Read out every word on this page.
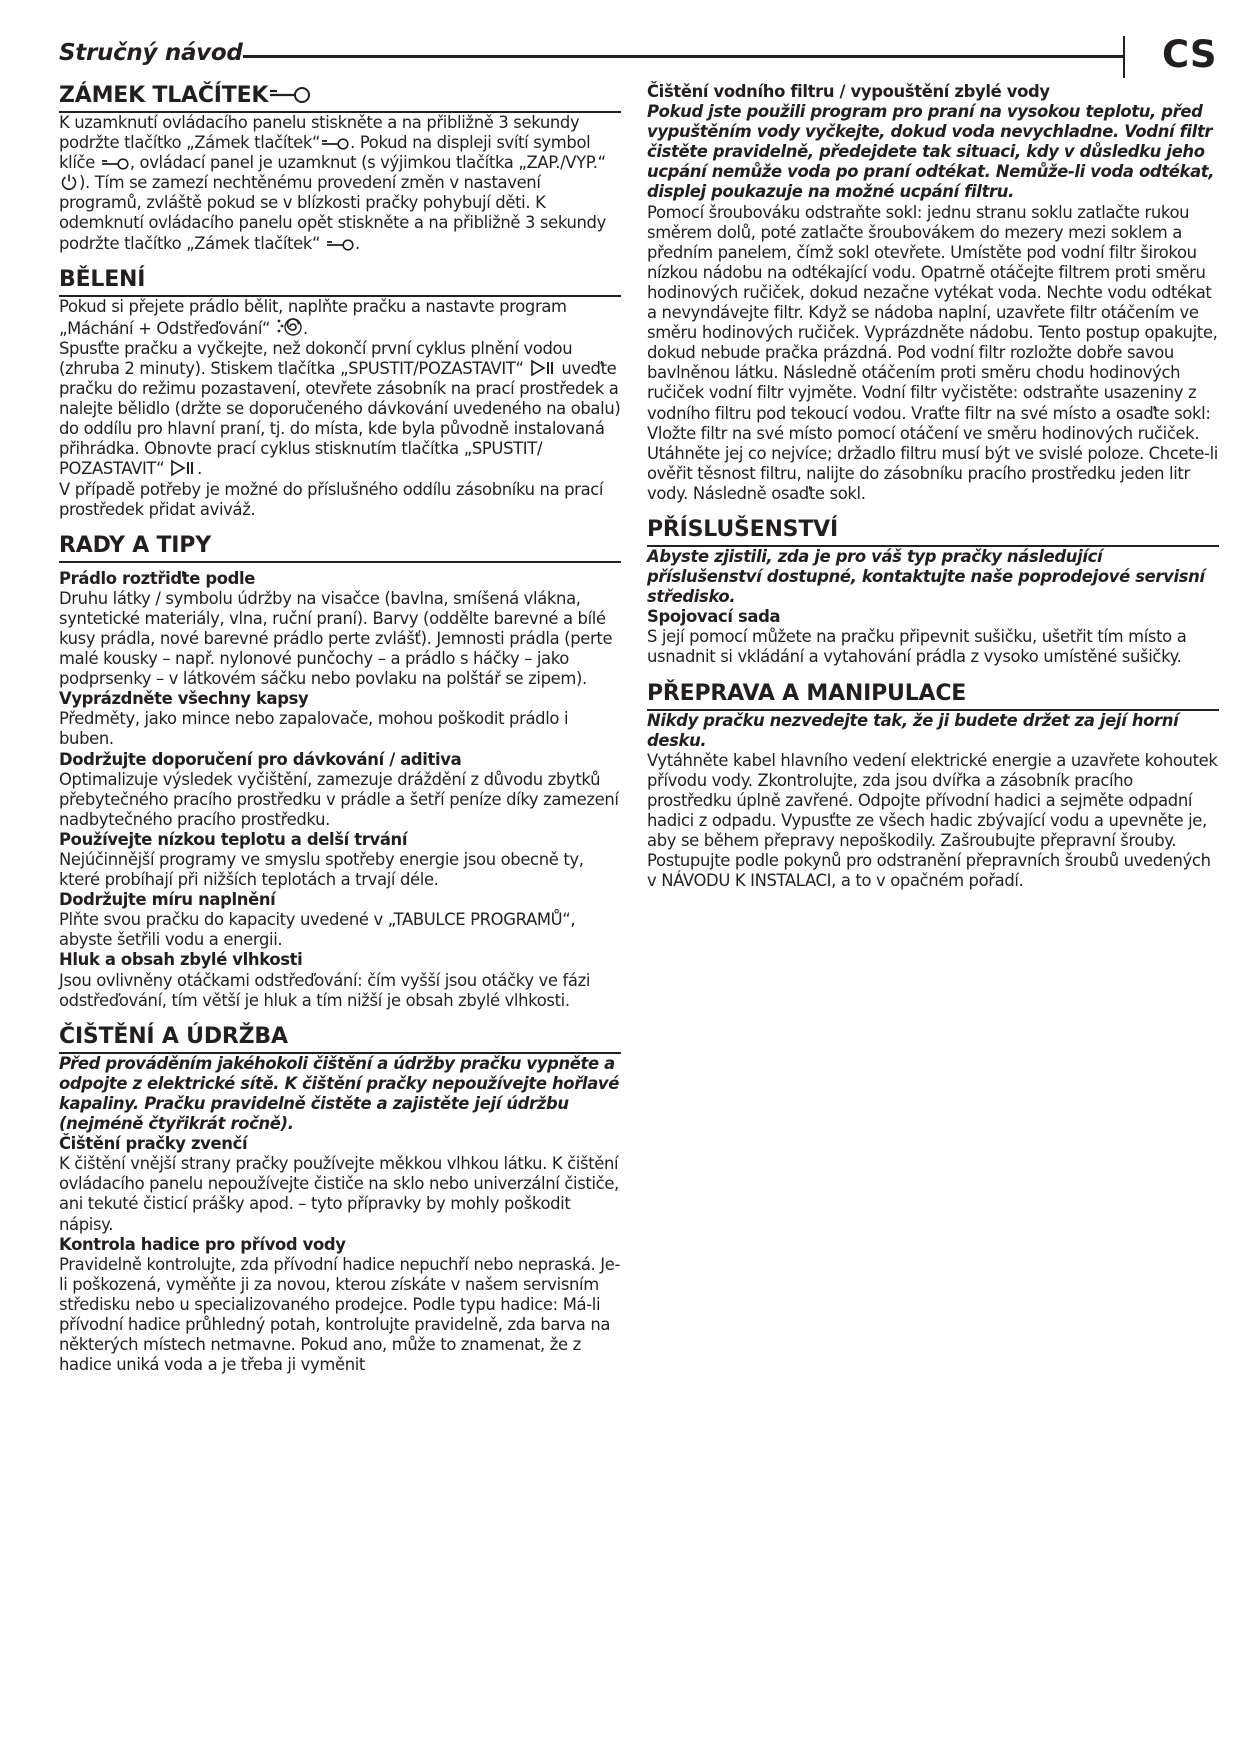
Stručný návod	CS
ZÁMEK TLAČÍTEK

K uzamknutí ovládacího panelu stiskněte a na přibližně 3 sekundy podržte tlačítko „Zámek tlačítek“ . Pokud na displeji svítí symbol klíče , ovládací panel je uzamknut (s výjimkou tlačítka „ZAP./VYP.“ ). Tím se zamezí nechtěnému provedení změn v nastavení programů, zvláště pokud se v blízkosti pračky pohybují děti. K odemknutí ovládacího panelu opět stiskněte a na přibližně 3 sekundy podržte tlačítko „Zámek tlačítek“ .

BĚLENÍ

Pokud si přejete prádlo bělit, naplňte pračku a nastavte program „Máchání + Odstřeďování“ .

Spusťte pračku a vyčkejte, než dokončí první cyklus plnění vodou (zhruba 2 minuty). Stiskem tlačítka „SPUSTIT/POZASTAVIT“  uveďte pračku do režimu pozastavení, otevřete zásobník na prací prostředek a nalejte bělidlo (držte se doporučeného dávkování uvedeného na obalu) do oddílu pro hlavní praní, tj. do místa, kde byla původně instalovaná přihrádka. Obnovte prací cyklus stisknutím tlačítka „SPUSTIT/ POZASTAVIT“ .

V případě potřeby je možné do příslušného oddílu zásobníku na prací prostředek přidat aviváž.

RADY A TIPY

Prádlo roztřiďte podle

Druhu látky / symbolu údržby na visačce (bavlna, smíšená vlákna, syntetické materiály, vlna, ruční praní). Barvy (oddělte barevné a bílé kusy prádla, nové barevné prádlo perte zvlášť). Jemnosti prádla (perte malé kousky – např. nylonové punčochy – a prádlo s háčky – jako podprsenky – v látkovém sáčku nebo povlaku na polštář se zipem).

Vyprázdněte všechny kapsy

Předměty, jako mince nebo zapalovače, mohou poškodit prádlo i buben.

Dodržujte doporučení pro dávkování / aditiva

Optimalizuje výsledek vyčištění, zamezuje dráždění z důvodu zbytků přebytečného pracího prostředku v prádle a šetří peníze díky zamezení nadbytečného pracího prostředku.

Používejte nízkou teplotu a delší trvání

Nejúčinnější programy ve smyslu spotřeby energie jsou obecně ty, které probíhají při nižších teplotách a trvají déle.

Dodržujte míru naplnění

Plňte svou pračku do kapacity uvedené v „TABULCE PROGRAMŮ“, abyste šetřili vodu a energii.

Hluk a obsah zbylé vlhkosti

Jsou ovlivněny otáčkami odstřeďování: čím vyšší jsou otáčky ve fázi odstřeďování, tím větší je hluk a tím nižší je obsah zbylé vlhkosti.

ČIŠTĚNÍ A ÚDRŽBA

Před prováděním jakéhokoli čištění a údržby pračku vypněte a odpojte z elektrické sítě. K čištění pračky nepoužívejte hořlavé kapaliny. Pračku pravidelně čistěte a zajistěte její údržbu (nejméně čtyřikrát ročně).

Čištění pračky zvenčí

K čištění vnější strany pračky používejte měkkou vlhkou látku. K čištění ovládacího panelu nepoužívejte čističe na sklo nebo univerzální čističe, ani tekuté čisticí prášky apod. – tyto přípravky by mohly poškodit nápisy.

Kontrola hadice pro přívod vody

Pravidelně kontrolujte, zda přívodní hadice nepuchří nebo nepraská. Je-li poškozená, vyměňte ji za novou, kterou získáte v našem servisním středisku nebo u specializovaného prodejce. Podle typu hadice: Má-li přívodní hadice průhledný potah, kontrolujte pravidelně, zda barva na některých místech netmavne. Pokud ano, může to znamenat, že z hadice uniká voda a je třeba ji vyměnit

Čištění vodního filtru / vypouštění zbylé vody

Pokud jste použili program pro praní na vysokou teplotu, před vypuštěním vody vyčkejte, dokud voda nevychladne. Vodní filtr čistěte pravidelně, předejdete tak situaci, kdy v důsledku jeho ucpání nemůže voda po praní odtékat. Nemůže-li voda odtékat, displej poukazuje na možné ucpání filtru.

Pomocí šroubováku odstraňte sokl: jednu stranu soklu zatlačte rukou směrem dolů, poté zatlačte šroubovákem do mezery mezi soklem a předním panelem, čímž sokl otevřete. Umístěte pod vodní filtr širokou nízkou nádobu na odtékající vodu. Opatrně otáčejte filtrem proti směru hodinových ručiček, dokud nezačne vytékat voda. Nechte vodu odtékat a nevyndávejte filtr. Když se nádoba naplní, uzavřete filtr otáčením ve směru hodinových ručiček. Vyprázdněte nádobu. Tento postup opakujte, dokud nebude pračka prázdná. Pod vodní filtr rozložte dobře savou bavlněnou látku. Následně otáčením proti směru chodu hodinových ručiček vodní filtr vyjměte. Vodní filtr vyčistěte: odstraňte usazeniny z vodního filtru pod tekoucí vodou. Vraťte filtr na své místo a osaďte sokl: Vložte filtr na své místo pomocí otáčení ve směru hodinových ručiček. Utáhněte jej co nejvíce; držadlo filtru musí být ve svislé poloze. Chcete-li ověřit těsnost filtru, nalijte do zásobníku pracího prostředku jeden litr vody. Následně osaďte sokl.

PŘÍSLUŠENSTVÍ

Abyste zjistili, zda je pro váš typ pračky následující příslušenství dostupné, kontaktujte naše poprodejové servisní středisko.

Spojovací sada

S její pomocí můžete na pračku připevnit sušičku, ušetřit tím místo a usnadnit si vkládání a vytahování prádla z vysoko umístěné sušičky.

PŘEPRAVA A MANIPULACE

Nikdy pračku nezvedejte tak, že ji budete držet za její horní desku.

Vytáhněte kabel hlavního vedení elektrické energie a uzavřete kohoutek přívodu vody. Zkontrolujte, zda jsou dvířka a zásobník pracího prostředku úplně zavřené. Odpojte přívodní hadici a sejměte odpadní hadici z odpadu. Vypusťte ze všech hadic zbývající vodu a upevněte je, aby se během přepravy nepoškodily. Zašroubujte přepravní šrouby. Postupujte podle pokynů pro odstranění přepravních šroubů uvedených v NÁVODU K INSTALACI, a to v opačném pořadí.
